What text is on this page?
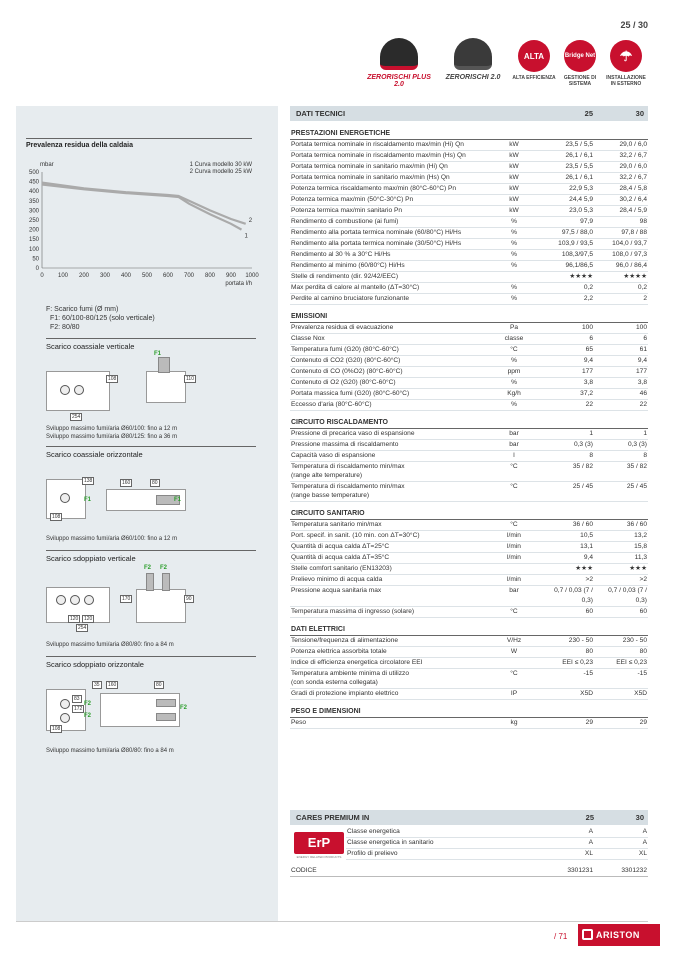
25 / 30
ZERORISCHI PLUS 2.0
ZERORISCHI 2.0
ALTA
ALTA EFFICIENZA
Bridge Net
GESTIONE DI SISTEMA
☂
INSTALLAZIONE IN ESTERNO
Prevalenza residua della caldaia
0
50
100
150
200
250
300
350
400
450
500
0 100 200 300 400 500 600 700 800 900 1000
mbar
portata l/h
1 Curva modello 30 kW
2 Curva modello 25 kW
1
2
F: Scarico fumi (Ø mm)
F1: 60/100-80/125 (solo verticale)
F2: 80/80
Scarico coassiale verticale
108
254
F1
110
Sviluppo massimo fumi/aria Ø60/100: fino a 12 m
Sviluppo massimo fumi/aria Ø80/125: fino a 36 m
Scarico coassiale orizzontale
138
108
F1
160	80
F1
Sviluppo massimo fumi/aria Ø60/100: fino a 12 m
Scarico sdoppiato verticale
120	120
254
170
F2 F2
90
Sviluppo massimo fumi/aria Ø80/80: fino a 84 m
Scarico sdoppiato orizzontale
83
172
108
F2
F2
35	160	80
F2
Sviluppo massimo fumi/aria Ø80/80: fino a 84 m
DATI TECNICI		25	30
PRESTAZIONI ENERGETICHE			
Portata termica nominale in riscaldamento max/min (Hi) Qn	kW	23,5 / 5,5	29,0 / 6,0
Portata termica nominale in riscaldamento max/min (Hs) Qn	kW	26,1 / 6,1	32,2 / 6,7
Portata termica nominale in sanitario max/min (Hi) Qn	kW	23,5 / 5,5	29,0 / 6,0
Portata termica nominale in sanitario max/min (Hs) Qn	kW	26,1 / 6,1	32,2 / 6,7
Potenza termica riscaldamento max/min (80°C-60°C) Pn	kW	22,9 5,3	28,4 / 5,8
Potenza termica max/min (50°C-30°C) Pn	kW	24,4 5,9	30,2 / 6,4
Potenza termica max/min sanitario Pn	kW	23,0 5,3	28,4 / 5,9
Rendimento di combustione (ai fumi)	%	97,9	98
Rendimento alla portata termica nominale (60/80°C) Hi/Hs	%	97,5 / 88,0	97,8 / 88
Rendimento alla portata termica nominale (30/50°C) Hi/Hs	%	103,9 / 93,5	104,0 / 93,7
Rendimento al 30 % a 30°C Hi/Hs	%	108,3/97,5	108,0 / 97,3
Rendimento al minimo (60/80°C) Hi/Hs	%	96,1/86,5	96,0 / 86,4
Stelle di rendimento (dir. 92/42/EEC)		★★★★	★★★★
Max perdita di calore al mantello (ΔT=30°C)	%	0,2	0,2
Perdite al camino bruciatore funzionante	%	2,2	2
EMISSIONI			
Prevalenza residua di evacuazione	Pa	100	100
Classe Nox	classe	6	6
Temperatura fumi (G20) (80°C-60°C)	°C	65	61
Contenuto di CO2 (G20) (80°C-60°C)	%	9,4	9,4
Contenuto di CO (0%O2) (80°C-60°C)	ppm	177	177
Contenuto di O2 (G20) (80°C-60°C)	%	3,8	3,8
Portata massica fumi (G20) (80°C-60°C)	Kg/h	37,2	46
Eccesso d'aria (80°C-60°C)	%	22	22
CIRCUITO RISCALDAMENTO			
Pressione di precarica vaso di espansione	bar	1	1
Pressione massima di riscaldamento	bar	0,3 (3)	0,3 (3)
Capacità vaso di espansione	l	8	8
Temperatura di riscaldamento min/max
(range alte temperature)	°C	35 / 82	35 / 82
Temperatura di riscaldamento min/max
(range basse temperature)	°C	25 / 45	25 / 45
CIRCUITO SANITARIO			
Temperatura sanitario min/max	°C	36 / 60	36 / 60
Port. specif. in sanit. (10 min. con ΔT=30°C)	l/min	10,5	13,2
Quantità di acqua calda ΔT=25°C	l/min	13,1	15,8
Quantità di acqua calda ΔT=35°C	l/min	9,4	11,3
Stelle comfort sanitario (EN13203)		★★★	★★★
Prelievo minimo di acqua calda	l/min	>2	>2
Pressione acqua sanitaria max	bar	0,7 / 0,03 (7 / 0,3)	0,7 / 0,03 (7 / 0,3)
Temperatura massima di ingresso (solare)	°C	60	60
DATI ELETTRICI			
Tensione/frequenza di alimentazione	V/Hz	230 - 50	230 - 50
Potenza elettrica assorbita totale	W	80	80
Indice di efficienza energetica circolatore EEI		EEI ≤ 0,23	EEI ≤ 0,23
Temperatura ambiente minima di utilizzo
(con sonda esterna collegata)	°C	-15	-15
Gradi di protezione impianto elettrico	IP	X5D	X5D
PESO E DIMENSIONI			
Peso	kg	29	29
CARES PREMIUM IN	25	30
ErP
ENERGY RELATED PRODUCTS
Classe energetica	A	A
Classe energetica in sanitario	A	A
Profilo di prelievo	XL	XL
CODICE	3301231	3301232
/ 71	ARISTON
